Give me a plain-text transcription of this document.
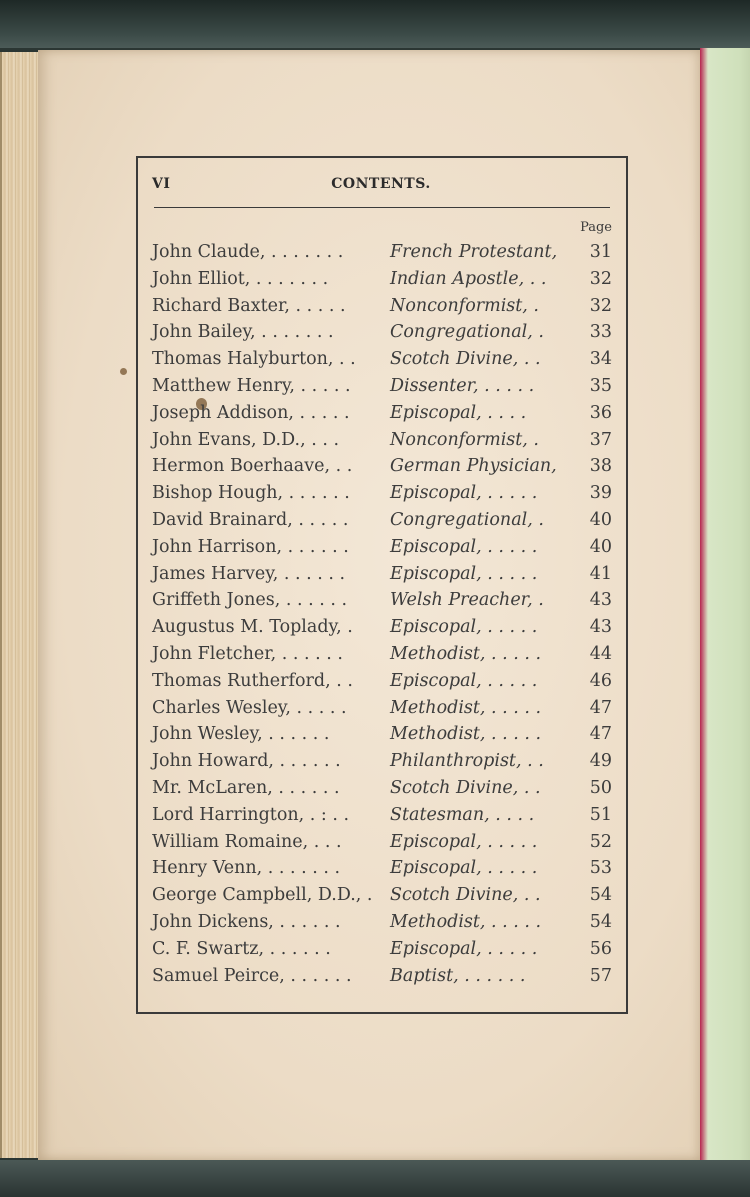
VI	CONTENTS.
Page
John Claude, . . . . . . .	French Protestant,	31
John Elliot, . . . . . . .	Indian Apostle, . .	32
Richard Baxter, . . . . .	Nonconformist, .	32
John Bailey, . . . . . . .	Congregational, .	33
Thomas Halyburton, . . Scotch Divine, . .	34
Matthew Henry, . . . . . Dissenter, . . . . .	35
Joseph Addison, . . . . . Episcopal, . . . .	36
John Evans, D.D., . . .	Nonconformist, .	37
Hermon Boerhaave, . . German Physician,	38
Bishop Hough, . . . . . . Episcopal, . . . . .	39
David Brainard, . . . . . Congregational, .	40
John Harrison, . . . . . . Episcopal, . . . . .	40
James Harvey, . . . . . .	Episcopal, . . . . .	41
Griffeth Jones, . . . . . . Welsh Preacher, .	43
Augustus M. Toplady, . Episcopal, . . . . .	43
John Fletcher, . . . . . .	Methodist, . . . . .	44
Thomas Rutherford, . . Episcopal, . . . . .	46
Charles Wesley, . . . . . Methodist, . . . . .	47
John Wesley, . . . . . .	Methodist, . . . . .	47
John Howard, . . . . . .	Philanthropist, . .	49
Mr. McLaren, . . . . . .	Scotch Divine, . .	50
Lord Harrington, . : . . Statesman, . . . .	51
William Romaine, . . .	Episcopal, . . . . .	52
Henry Venn, . . . . . . .	Episcopal, . . . . .	53
George Campbell, D.D., . Scotch Divine, . .	54
John Dickens, . . . . . .	Methodist, . . . . .	54
C. F. Swartz, . . . . . .	Episcopal, . . . . .	56
Samuel Peirce, . . . . . . Baptist, . . . . . .	57
